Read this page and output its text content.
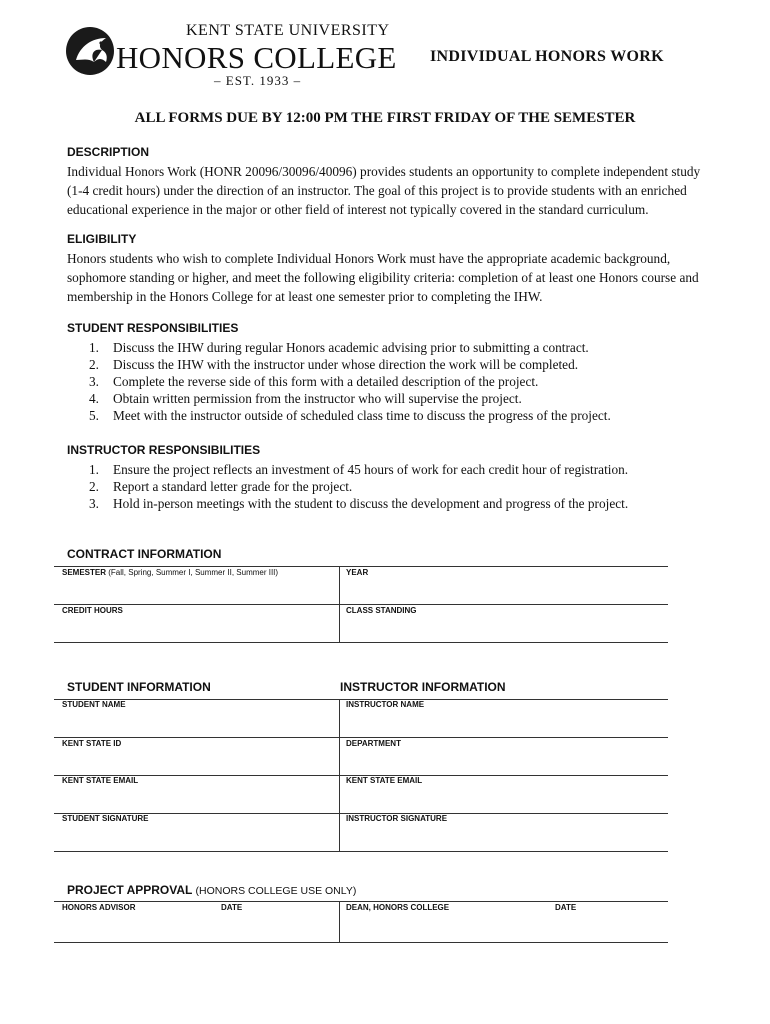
KENT STATE UNIVERSITY
HONORS COLLEGE
– EST. 1933 –
INDIVIDUAL HONORS WORK
ALL FORMS DUE BY 12:00 PM THE FIRST FRIDAY OF THE SEMESTER

DESCRIPTION

Individual Honors Work (HONR 20096/30096/40096) provides students an opportunity to complete independent study (1-4 credit hours) under the direction of an instructor. The goal of this project is to provide students with an enriched educational experience in the major or other field of interest not typically covered in the standard curriculum.

ELIGIBILITY

Honors students who wish to complete Individual Honors Work must have the appropriate academic background, sophomore standing or higher, and meet the following eligibility criteria: completion of at least one Honors course and membership in the Honors College for at least one semester prior to completing the IHW.

STUDENT RESPONSIBILITIES

1. Discuss the IHW during regular Honors academic advising prior to submitting a contract.
2. Discuss the IHW with the instructor under whose direction the work will be completed.
3. Complete the reverse side of this form with a detailed description of the project.
4. Obtain written permission from the instructor who will supervise the project.
5. Meet with the instructor outside of scheduled class time to discuss the progress of the project.

INSTRUCTOR RESPONSIBILITIES

1. Ensure the project reflects an investment of 45 hours of work for each credit hour of registration.
2. Report a standard letter grade for the project.
3. Hold in-person meetings with the student to discuss the development and progress of the project.
CONTRACT INFORMATION
SEMESTER (Fall, Spring, Summer I, Summer II, Summer III)	YEAR
CREDIT HOURS	CLASS STANDING
STUDENT INFORMATION	INSTRUCTOR INFORMATION
STUDENT NAME	INSTRUCTOR NAME
KENT STATE ID	DEPARTMENT
KENT STATE EMAIL	KENT STATE EMAIL
STUDENT SIGNATURE	INSTRUCTOR SIGNATURE
PROJECT APPROVAL (HONORS COLLEGE USE ONLY)
HONORS ADVISOR	DATE	DEAN, HONORS COLLEGE	DATE
